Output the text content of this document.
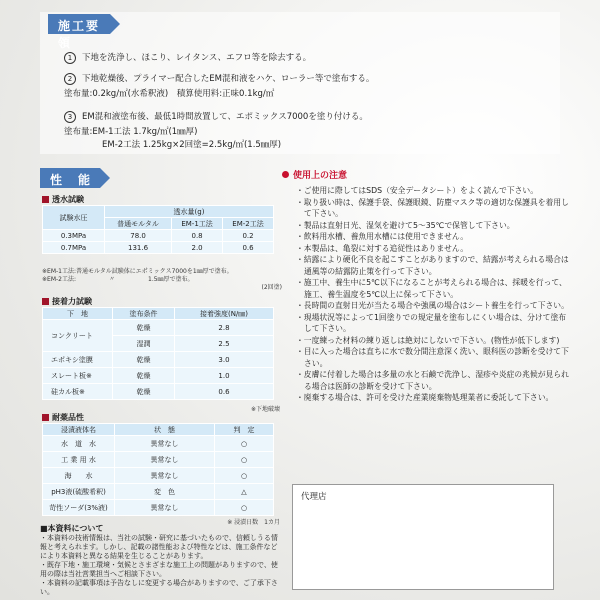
施工要領
1	下地を洗浄し、ほこり、レイタンス、エフロ等を除去する。
2	下地乾燥後、プライマー配合したEM混和液をハケ、ローラー等で塗布する。
塗布量:0.2kg/㎡(水希釈液)　積算使用料:正味0.1kg/㎡
3	EM混和液塗布後、最低1時間放置して、エポミックス7000を塗り付ける。
塗布量:EM-1工法 1.7kg/㎡(1㎜厚)
EM-2工法 1.25kg×2回塗=2.5kg/㎡(1.5㎜厚)
性　能
透水試験
試験水圧	透水量(g)		
	普通モルタル	EM-1工法	EM-2工法
0.3MPa	78.0	0.8	0.2
0.7MPa	131.6	2.0	0.6
※EM-1工法:普通モルタル試験体にエポミックス7000を1㎜厚で塗布。
※EM-2工法:	〃	1.5㎜厚で塗布。
(2回塗)
接着力試験
下　地	塗布条件	接着強度(N/㎜)
コンクリート	乾燥	2.8
	湿潤	2.5
エポキシ塗膜	乾燥	3.0
スレート板※	乾燥	1.0
硅カル板※	乾燥	0.6
※下地破壊
耐薬品性
浸漬液体名	状　態	判　定
水　道　水	異常なし	○
工 業 用 水	異常なし	○
海　　水	異常なし	○
pH3液(硫酸希釈)	変　色	△
苛性ソーダ(3%液)	異常なし	○
※ 浸漬日数　1カ月
■本資料について
・本資料の技術情報は、当社の試験・研究に基づいたもので、信頼しうる情報と考えられます。しかし、記載の諸性能および特性などは、施工条件などにより本資料と異なる結果を生じることがあります。
・既存下地・施工環境・気候とさまざまな施工上の問題がありますので、使用の際は当社営業担当へご相談下さい。
・本資料の記載事項は予告なしに変更する場合がありますので、ご了承下さい。
使用上の注意
・ご使用に際してはSDS（安全データシート）をよく読んで下さい。
・取り扱い時は、保護手袋、保護眼鏡、防塵マスク等の適切な保護具を着用して下さい。
・製品は直射日光、湿気を避けて5～35℃で保管して下さい。
・飲料用水槽、養魚用水槽には使用できません。
・本製品は、亀裂に対する追従性はありません。
・結露により硬化不良を起こすことがありますので、結露が考えられる場合は通風等の結露防止策を行って下さい。
・施工中、養生中に5℃以下になることが考えられる場合は、採暖を行って、施工、養生温度を5℃以上に保って下さい。
・長時間の直射日光が当たる場合や強風の場合はシート養生を行って下さい。
・現場状況等によって1回塗りでの規定量を塗布しにくい場合は、分けて塗布して下さい。
・一度練った材料の練り返しは絶対にしないで下さい。(物性が低下します)
・目に入った場合は直ちに水で数分間注意深く洗い、眼科医の診断を受けて下さい。
・皮膚に付着した場合は多量の水と石鹸で洗浄し、湿疹や炎症の兆候が見られる場合は医師の診断を受けて下さい。
・廃棄する場合は、許可を受けた産業廃棄物処理業者に委託して下さい。
代理店
